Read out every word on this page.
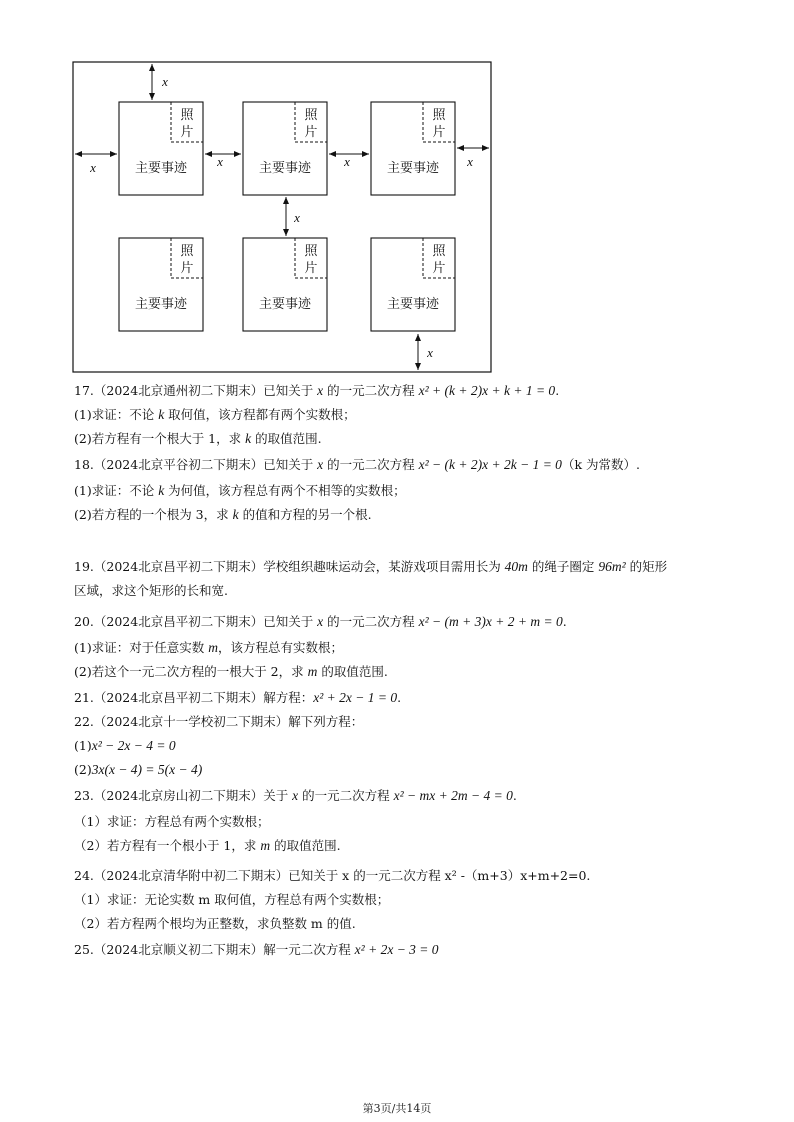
照
片
主要事迹
照
片
主要事迹
照
片
主要事迹
照
片
主要事迹
照
片
主要事迹
照
片
主要事迹
x
x	x	x	x
x
x
17.（2024北京通州初二下期末）已知关于 x 的一元二次方程 x² + (k + 2)x + k + 1 = 0.
(1)求证：不论 k 取何值，该方程都有两个实数根；
(2)若方程有一个根大于 1，求 k 的取值范围.
18.（2024北京平谷初二下期末）已知关于 x 的一元二次方程 x² − (k + 2)x + 2k − 1 = 0（k 为常数）.
(1)求证：不论 k 为何值，该方程总有两个不相等的实数根；
(2)若方程的一个根为 3，求 k 的值和方程的另一个根.
19.（2024北京昌平初二下期末）学校组织趣味运动会，某游戏项目需用长为 40m 的绳子圈定 96m² 的矩形
区域，求这个矩形的长和宽.
20.（2024北京昌平初二下期末）已知关于 x 的一元二次方程 x² − (m + 3)x + 2 + m = 0.
(1)求证：对于任意实数 m，该方程总有实数根；
(2)若这个一元二次方程的一根大于 2，求 m 的取值范围.
21.（2024北京昌平初二下期末）解方程：x² + 2x − 1 = 0.
22.（2024北京十一学校初二下期末）解下列方程：
(1)x² − 2x − 4 = 0
(2)3x(x − 4) = 5(x − 4)
23.（2024北京房山初二下期末）关于 x 的一元二次方程 x² − mx + 2m − 4 = 0.
（1）求证：方程总有两个实数根；
（2）若方程有一个根小于 1，求 m 的取值范围.
24.（2024北京清华附中初二下期末）已知关于 x 的一元二次方程 x² -（m+3）x+m+2=0.
（1）求证：无论实数 m 取何值，方程总有两个实数根；
（2）若方程两个根均为正整数，求负整数 m 的值.
25.（2024北京顺义初二下期末）解一元二次方程 x² + 2x − 3 = 0
第3页/共14页
